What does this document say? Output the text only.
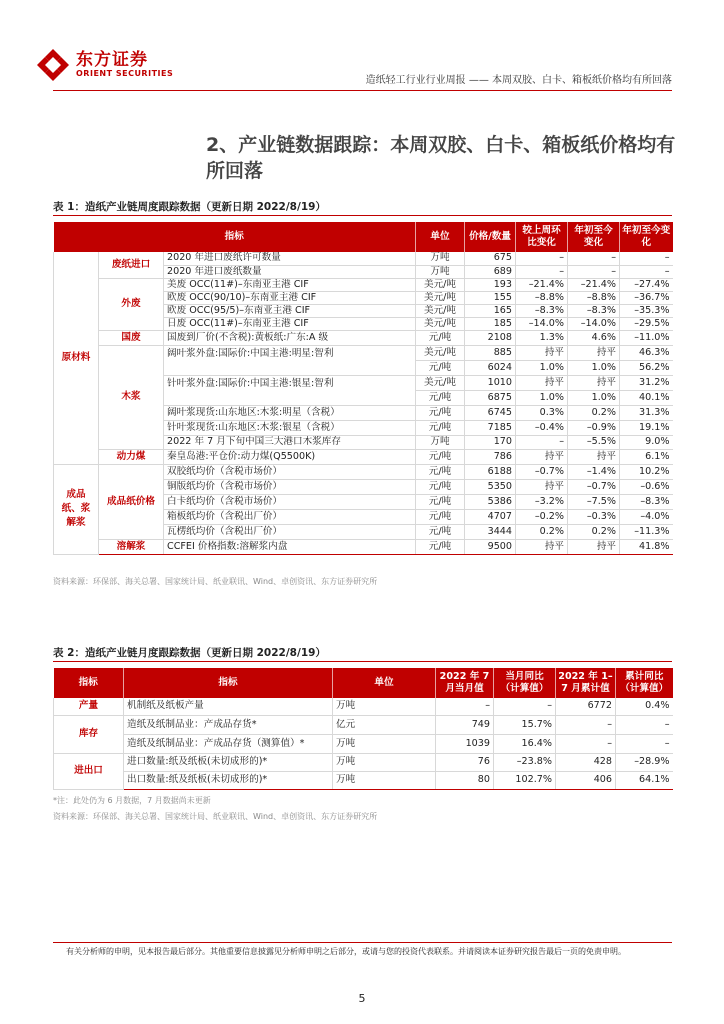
东方证券
ORIENT SECURITIES
造纸轻工行业行业周报 —— 本周双胶、白卡、箱板纸价格均有所回落
2、产业链数据跟踪：本周双胶、白卡、箱板纸价格均有所回落
表 1：造纸产业链周度跟踪数据（更新日期 2022/8/19）
指标			单位	价格/数量	较上周环比变化	年初至今变化	年初至今变化
原材料	废纸进口	2020 年进口废纸许可数量	万吨	675	–	–	–
		2020 年进口废纸数量	万吨	689	–	–	–
	外废	美废 OCC(11#)–东南亚主港 CIF	美元/吨	193	–21.4%	–21.4%	–27.4%
		欧废 OCC(90/10)–东南亚主港 CIF	美元/吨	155	–8.8%	–8.8%	–36.7%
		欧废 OCC(95/5)–东南亚主港 CIF	美元/吨	165	–8.3%	–8.3%	–35.3%
		日废 OCC(11#)–东南亚主港 CIF	美元/吨	185	–14.0%	–14.0%	–29.5%
	国废	国废到厂价(不含税):黄板纸:广东:A 级	元/吨	2108	1.3%	4.6%	–11.0%
	木浆	阔叶浆外盘:国际价:中国主港:明星:智利	美元/吨	885	持平	持平	46.3%
			元/吨	6024	1.0%	1.0%	56.2%
		针叶浆外盘:国际价:中国主港:银星:智利	美元/吨	1010	持平	持平	31.2%
			元/吨	6875	1.0%	1.0%	40.1%
		阔叶浆现货:山东地区:木浆:明星（含税）	元/吨	6745	0.3%	0.2%	31.3%
		针叶浆现货:山东地区:木浆:银星（含税）	元/吨	7185	–0.4%	–0.9%	19.1%
		2022 年 7 月下旬中国三大港口木浆库存	万吨	170	–	–5.5%	9.0%
	动力煤	秦皇岛港:平仓价:动力煤(Q5500K)	元/吨	786	持平	持平	6.1%
成品纸、浆解浆	成品纸价格	双胶纸均价（含税市场价）	元/吨	6188	–0.7%	–1.4%	10.2%
		铜版纸均价（含税市场价）	元/吨	5350	持平	–0.7%	–0.6%
		白卡纸均价（含税市场价）	元/吨	5386	–3.2%	–7.5%	–8.3%
		箱板纸均价（含税出厂价）	元/吨	4707	–0.2%	–0.3%	–4.0%
		瓦楞纸均价（含税出厂价）	元/吨	3444	0.2%	0.2%	–11.3%
	溶解浆	CCFEI 价格指数:溶解浆内盘	元/吨	9500	持平	持平	41.8%
资料来源：环保部、海关总署、国家统计局、纸业联讯、Wind、卓创资讯、东方证券研究所
表 2：造纸产业链月度跟踪数据（更新日期 2022/8/19）
指标	指标	单位	2022 年 7 月当月值	当月同比（计算值）	2022 年 1–7 月累计值	累计同比（计算值）
产量	机制纸及纸板产量	万吨	–	–	6772	0.4%
库存	造纸及纸制品业：产成品存货*	亿元	749	15.7%	–	–
	造纸及纸制品业：产成品存货（测算值）*	万吨	1039	16.4%	–	–
进出口	进口数量:纸及纸板(未切成形的)*	万吨	76	–23.8%	428	–28.9%
	出口数量:纸及纸板(未切成形的)*	万吨	80	102.7%	406	64.1%
*注：此处仍为 6 月数据，7 月数据尚未更新
资料来源：环保部、海关总署、国家统计局、纸业联讯、Wind、卓创资讯、东方证券研究所
有关分析师的申明，见本报告最后部分。其他重要信息披露见分析师申明之后部分，或请与您的投资代表联系。并请阅读本证券研究报告最后一页的免责申明。
5
